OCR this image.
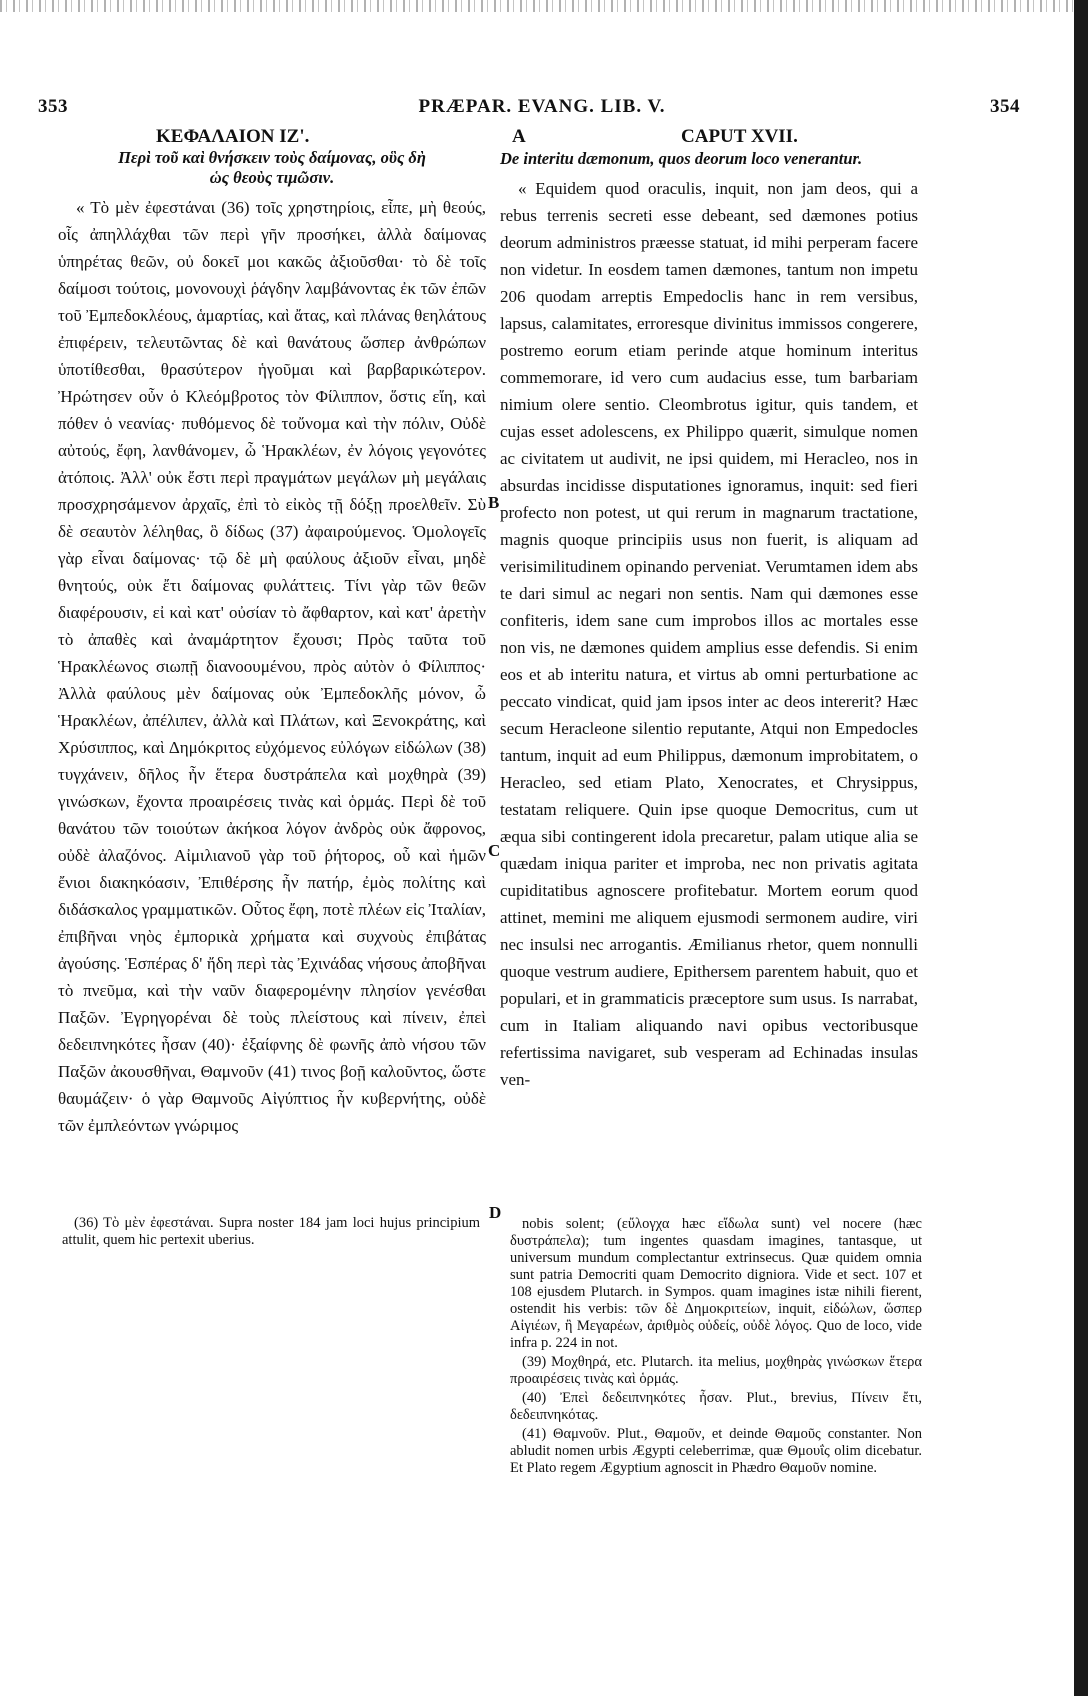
353	PRÆPAR. EVANG. LIB. V.	354
ΚΕΦΑΛΑΙΟΝ ΙΖ'.	A	CAPUT XVII.

Περὶ τοῦ καὶ θνήσκειν τοὺς δαίμονας, οὓς δὴ
ὡς θεοὺς τιμῶσιν.

« Τὸ μὲν ἐφεστάναι (36) τοῖς χρηστηρίοις, εἶπε, μὴ θεούς, οἷς ἀπηλλάχθαι τῶν περὶ γῆν προσήκει, ἀλλὰ δαίμονας ὑπηρέτας θεῶν, οὐ δοκεῖ μοι κακῶς ἀξιοῦσθαι· τὸ δὲ τοῖς δαίμοσι τούτοις, μονονουχὶ ῥάγδην λαμβάνοντας ἐκ τῶν ἐπῶν τοῦ Ἐμπεδοκλέους, ἁμαρτίας, καὶ ἄτας, καὶ πλάνας θεηλάτους ἐπιφέρειν, τελευτῶντας δὲ καὶ θανάτους ὥσπερ ἀνθρώπων ὑποτίθεσθαι, θρασύτερον ἡγοῦμαι καὶ βαρβαρικώτερον. Ἠρώτησεν οὖν ὁ Κλεόμβροτος τὸν Φίλιππον, ὅστις εἴη, καὶ πόθεν ὁ νεανίας· πυθόμενος δὲ τοὔνομα καὶ τὴν πόλιν, Οὐδὲ αὐτούς, ἔφη, λανθάνομεν, ὦ Ἡρακλέων, ἐν λόγοις γεγονότες ἀτόποις. Ἀλλ' οὐκ ἔστι περὶ πραγμάτων μεγάλων μὴ μεγάλαις προσχρησάμενον ἀρχαῖς, ἐπὶ τὸ εἰκὸς τῇ δόξῃ προελθεῖν. Σὺ δὲ σεαυτὸν λέληθας, ὃ δίδως (37) ἀφαιρούμενος. Ὁμολογεῖς γὰρ εἶναι δαίμονας· τῷ δὲ μὴ φαύλους ἀξιοῦν εἶναι, μηδὲ θνητούς, οὐκ ἔτι δαίμονας φυλάττεις. Τίνι γὰρ τῶν θεῶν διαφέρουσιν, εἰ καὶ κατ' οὐσίαν τὸ ἄφθαρτον, καὶ κατ' ἀρετὴν τὸ ἀπαθὲς καὶ ἀναμάρτητον ἔχουσι; Πρὸς ταῦτα τοῦ Ἡρακλέωνος σιωπῇ διανοουμένου, πρὸς αὐτὸν ὁ Φίλιππος· Ἀλλὰ φαύλους μὲν δαίμονας οὐκ Ἐμπεδοκλῆς μόνον, ὦ Ἡρακλέων, ἀπέλιπεν, ἀλλὰ καὶ Πλάτων, καὶ Ξενοκράτης, καὶ Χρύσιππος, καὶ Δημόκριτος εὐχόμενος εὐλόγων εἰδώλων (38) τυγχάνειν, δῆλος ἦν ἕτερα δυστράπελα καὶ μοχθηρὰ (39) γινώσκων, ἔχοντα προαιρέσεις τινὰς καὶ ὁρμάς. Περὶ δὲ τοῦ θανάτου τῶν τοιούτων ἀκήκοα λόγον ἀνδρὸς οὐκ ἄφρονος, οὐδὲ ἀλαζόνος. Αἰμιλιανοῦ γὰρ τοῦ ῥήτορος, οὗ καὶ ἡμῶν ἔνιοι διακηκόασιν, Ἐπιθέρσης ἦν πατήρ, ἐμὸς πολίτης καὶ διδάσκαλος γραμματικῶν. Οὗτος ἔφη, ποτὲ πλέων εἰς Ἰταλίαν, ἐπιβῆναι νηὸς ἐμπορικὰ χρήματα καὶ συχνοὺς ἐπιβάτας ἀγούσης. Ἑσπέρας δ' ἤδη περὶ τὰς Ἐχινάδας νήσους ἀποβῆναι τὸ πνεῦμα, καὶ τὴν ναῦν διαφερομένην πλησίον γενέσθαι Παξῶν. Ἐγρηγορέναι δὲ τοὺς πλείστους καὶ πίνειν, ἐπεὶ δεδειπνηκότες ἦσαν (40)· ἐξαίφνης δὲ φωνῆς ἀπὸ νήσου τῶν Παξῶν ἀκουσθῆναι, Θαμνοῦν (41) τινος βοῇ καλοῦντος, ὥστε θαυμάζειν· ὁ γὰρ Θαμνοῦς Αἰγύπτιος ἦν κυβερνήτης, οὐδὲ τῶν ἐμπλεόντων γνώριμος

De interitu dæmonum, quos deorum loco venerantur.

« Equidem quod oraculis, inquit, non jam deos, qui a rebus terrenis secreti esse debeant, sed dæmones potius deorum administros præesse statuat, id mihi perperam facere non videtur. In eosdem tamen dæmones, tantum non impetu 206 quodam arreptis Empedoclis hanc in rem versibus, lapsus, calamitates, erroresque divinitus immissos congerere, postremo eorum etiam perinde atque hominum interitus commemorare, id vero cum audacius esse, tum barbariam nimium olere sentio. Cleombrotus igitur, quis tandem, et cujas esset adolescens, ex Philippo quærit, simulque nomen ac civitatem ut audivit, ne ipsi quidem, mi Heracleo, nos in absurdas incidisse disputationes ignoramus, inquit: sed fieri profecto non potest, ut qui rerum in magnarum tractatione, magnis quoque principiis usus non fuerit, is aliquam ad verisimilitudinem opinando perveniat. Verumtamen idem abs te dari simul ac negari non sentis. Nam qui dæmones esse confiteris, idem sane cum improbos illos ac mortales esse non vis, ne dæmones quidem amplius esse defendis. Si enim eos et ab interitu natura, et virtus ab omni perturbatione ac peccato vindicat, quid jam ipsos inter ac deos intererit? Hæc secum Heracleone silentio reputante, Atqui non Empedocles tantum, inquit ad eum Philippus, dæmonum improbitatem, o Heracleo, sed etiam Plato, Xenocrates, et Chrysippus, testatam reliquere. Quin ipse quoque Democritus, cum ut æqua sibi contingerent idola precaretur, palam utique alia se quædam iniqua pariter et improba, nec non privatis agitata cupiditatibus agnoscere profitebatur. Mortem eorum quod attinet, memini me aliquem ejusmodi sermonem audire, viri nec insulsi nec arrogantis. Æmilianus rhetor, quem nonnulli quoque vestrum audiere, Epithersem parentem habuit, quo et populari, et in grammaticis præceptore sum usus. Is narrabat, cum in Italiam aliquando navi opibus vectoribusque refertissima navigaret, sub vesperam ad Echinadas insulas ven-

B
C
D

(36) Τὸ μὲν ἐφεστάναι. Supra noster 184 jam loci hujus principium attulit, quem hic pertexit uberius.

nobis solent; (εὔλογχα hæc εἴδωλα sunt) vel nocere (hæc δυστράπελα); tum ingentes quasdam imagines, tantasque, ut universum mundum complectantur extrinsecus. Quæ quidem omnia sunt patria Democriti quam Democrito digniora. Vide et sect. 107 et 108 ejusdem Plutarch. in Sympos. quam imagines istæ nihili fierent, ostendit his verbis: τῶν δὲ Δημοκριτείων, inquit, εἰδώλων, ὥσπερ Αἰγιέων, ἢ Μεγαρέων, ἀριθμὸς οὐδείς, οὐδὲ λόγος. Quo de loco, vide infra p. 224 in not.

(39) Μοχθηρά, etc. Plutarch. ita melius, μοχθηρὰς γινώσκων ἕτερα προαιρέσεις τινὰς καὶ ὁρμάς.

(40) Ἐπεὶ δεδειπνηκότες ἦσαν. Plut., brevius, Πίνειν ἔτι, δεδειπνηκότας.

(41) Θαμνοῦν. Plut., Θαμοῦν, et deinde Θαμοῦς constanter. Non abludit nomen urbis Ægypti celeberrimæ, quæ Θμουΐς olim dicebatur. Et Plato regem Ægyptium agnoscit in Phædro Θαμοῦν nomine.
